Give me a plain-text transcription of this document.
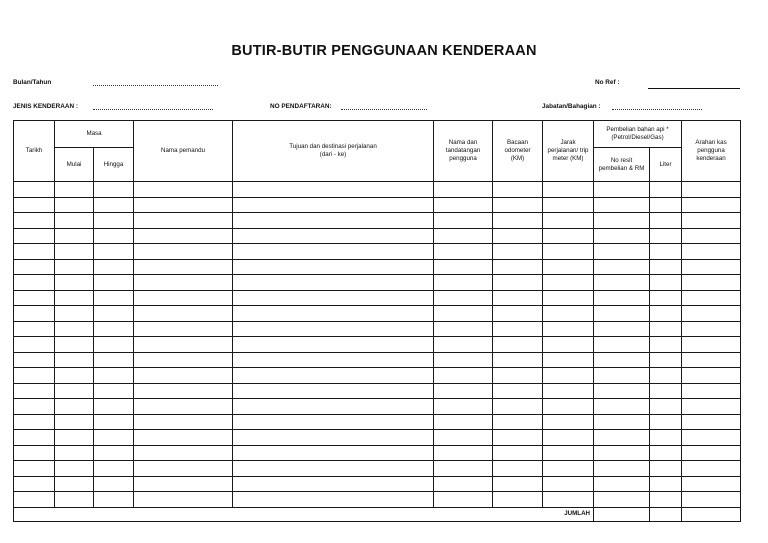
BUTIR-BUTIR PENGGUNAAN KENDERAAN
Bulan/Tahun	No Ref :
JENIS KENDERAAN :	NO PENDAFTARAN:	Jabatan/Bahagian :
Tarikh	Masa		Nama pemandu	Tujuan dan destinasi perjalanan (dari - ke)	Nama dan tandatangan pengguna	Bacaan odometer (KM)	Jarak perjalanan/ trip meter (KM)	Pembelian bahan api *(Petrol/Diesel/Gas)		Arahan kas pengguna kenderaan
	Mulai	Hingga						No resit pembelian & RM	Liter	

JUMLAH										
